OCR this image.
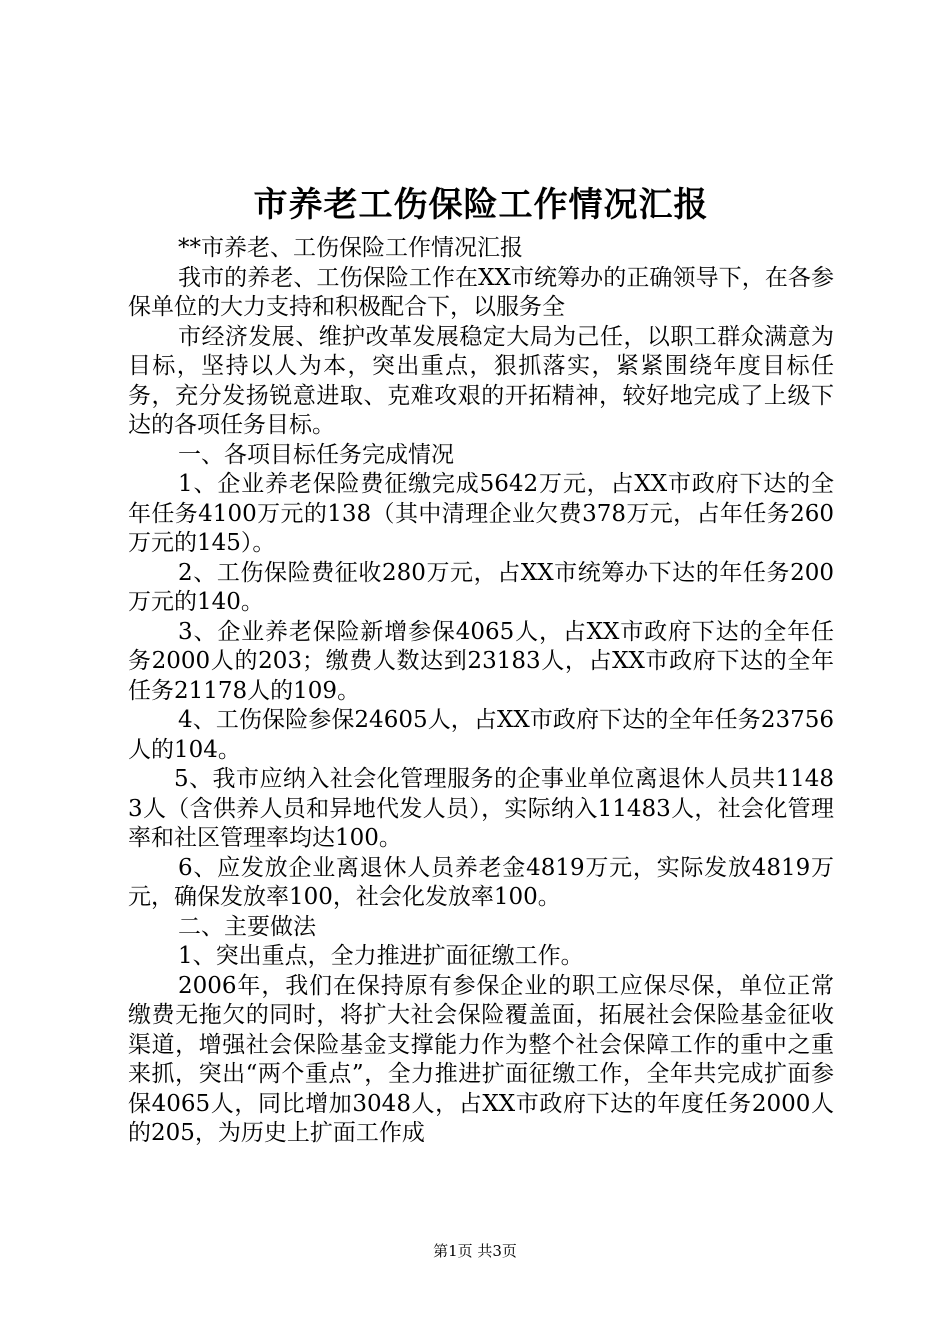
市养老工伤保险工作情况汇报

**市养老、工伤保险工作情况汇报

我市的养老、工伤保险工作在XX市统筹办的正确领导下，在各参保单位的大力支持和积极配合下，以服务全

市经济发展、维护改革发展稳定大局为己任，以职工群众满意为目标，坚持以人为本，突出重点，狠抓落实，紧紧围绕年度目标任务，充分发扬锐意进取、克难攻艰的开拓精神，较好地完成了上级下达的各项任务目标。

一、各项目标任务完成情况

1、企业养老保险费征缴完成5642万元，占XX市政府下达的全年任务4100万元的138（其中清理企业欠费378万元，占年任务260万元的145）。

2、工伤保险费征收280万元，占XX市统筹办下达的年任务200万元的140。

3、企业养老保险新增参保4065人，占XX市政府下达的全年任务2000人的203；缴费人数达到23183人，占XX市政府下达的全年任务21178人的109。

4、工伤保险参保24605人，占XX市政府下达的全年任务23756人的104。

5、我市应纳入社会化管理服务的企事业单位离退休人员共11483人（含供养人员和异地代发人员），实际纳入11483人，社会化管理率和社区管理率均达100。

6、应发放企业离退休人员养老金4819万元，实际发放4819万元，确保发放率100，社会化发放率100。

二、主要做法

1、突出重点，全力推进扩面征缴工作。

2006年，我们在保持原有参保企业的职工应保尽保，单位正常缴费无拖欠的同时，将扩大社会保险覆盖面，拓展社会保险基金征收渠道，增强社会保险基金支撑能力作为整个社会保障工作的重中之重来抓，突出“两个重点”，全力推进扩面征缴工作，全年共完成扩面参保4065人，同比增加3048人，占XX市政府下达的年度任务2000人的205，为历史上扩面工作成

第1页 共3页
